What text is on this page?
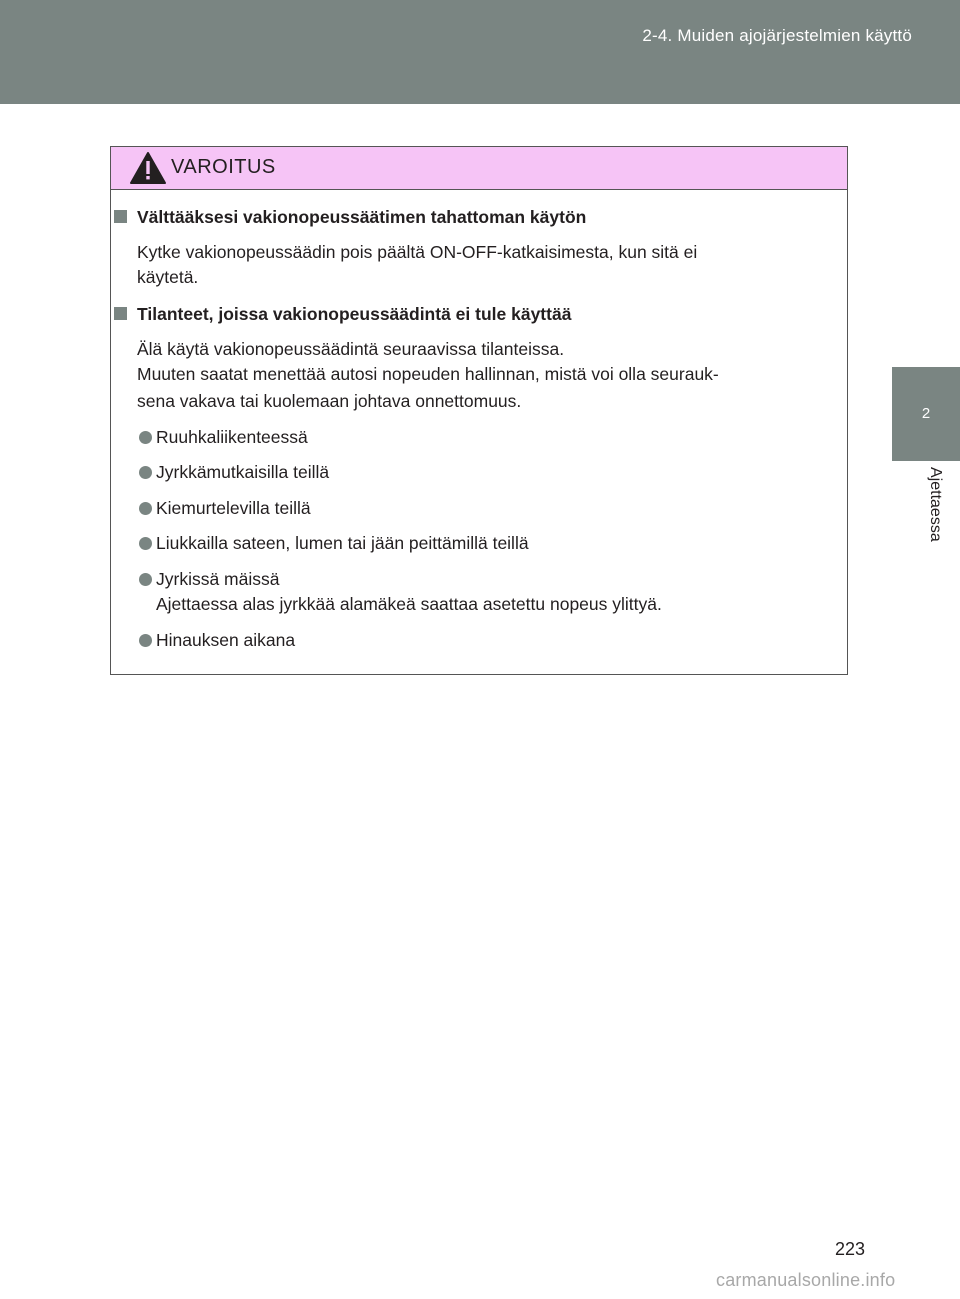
2-4. Muiden ajojärjestelmien käyttö
2
Ajettaessa
VAROITUS
Välttääksesi vakionopeussäätimen tahattoman käytön
Kytke vakionopeussäädin pois päältä ON-OFF-katkaisimesta, kun sitä ei
käytetä.
Tilanteet, joissa vakionopeussäädintä ei tule käyttää
Älä käytä vakionopeussäädintä seuraavissa tilanteissa.
Muuten saatat menettää autosi nopeuden hallinnan, mistä voi olla seurauk-
sena vakava tai kuolemaan johtava onnettomuus.
Ruuhkaliikenteessä
Jyrkkämutkaisilla teillä
Kiemurtelevilla teillä
Liukkailla sateen, lumen tai jään peittämillä teillä
Jyrkissä mäissä
Ajettaessa alas jyrkkää alamäkeä saattaa asetettu nopeus ylittyä.
Hinauksen aikana
223
carmanualsonline.info
